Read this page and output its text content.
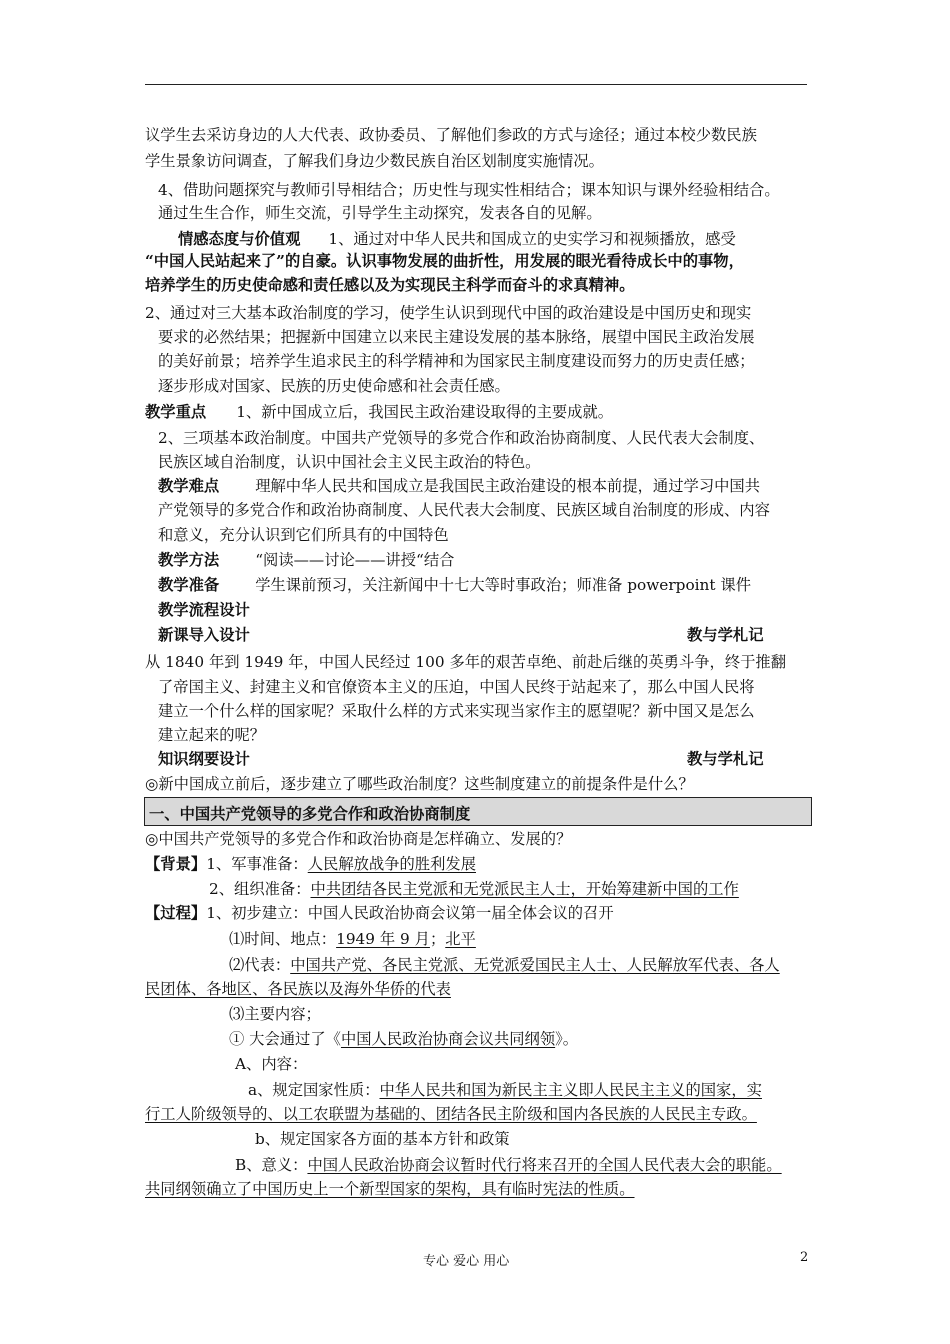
议学生去采访身边的人大代表、政协委员、了解他们参政的方式与途径；通过本校少数民族
学生景象访问调查，了解我们身边少数民族自治区划制度实施情况。
4、借助问题探究与教师引导相结合；历史性与现实性相结合；课本知识与课外经验相结合。
通过生生合作，师生交流，引导学生主动探究，发表各自的见解。
情感态度与价值观 1、通过对中华人民共和国成立的史实学习和视频播放，感受
“中国人民站起来了”的自豪。认识事物发展的曲折性，用发展的眼光看待成长中的事物，
培养学生的历史使命感和责任感以及为实现民主科学而奋斗的求真精神。
2、通过对三大基本政治制度的学习，使学生认识到现代中国的政治建设是中国历史和现实
要求的必然结果；把握新中国建立以来民主建设发展的基本脉络，展望中国民主政治发展
的美好前景；培养学生追求民主的科学精神和为国家民主制度建设而努力的历史责任感；
逐步形成对国家、民族的历史使命感和社会责任感。
教学重点 1、新中国成立后，我国民主政治建设取得的主要成就。
2、三项基本政治制度。中国共产党领导的多党合作和政治协商制度、人民代表大会制度、
民族区域自治制度，认识中国社会主义民主政治的特色。
教学难点 理解中华人民共和国成立是我国民主政治建设的根本前提，通过学习中国共
产党领导的多党合作和政治协商制度、人民代表大会制度、民族区域自治制度的形成、内容
和意义，充分认识到它们所具有的中国特色
教学方法 “阅读——讨论——讲授“结合
教学准备 学生课前预习，关注新闻中十七大等时事政治；师准备 powerpoint 课件
教学流程设计
新课导入设计	教与学札记
从 1840 年到 1949 年，中国人民经过 100 多年的艰苦卓绝、前赴后继的英勇斗争，终于推翻
了帝国主义、封建主义和官僚资本主义的压迫，中国人民终于站起来了，那么中国人民将
建立一个什么样的国家呢？采取什么样的方式来实现当家作主的愿望呢？新中国又是怎么
建立起来的呢？
知识纲要设计	教与学札记
◎新中国成立前后，逐步建立了哪些政治制度？这些制度建立的前提条件是什么？
一、中国共产党领导的多党合作和政治协商制度
◎中国共产党领导的多党合作和政治协商是怎样确立、发展的？
【背景】1、军事准备：人民解放战争的胜利发展
2、组织准备：中共团结各民主党派和无党派民主人士，开始筹建新中国的工作
【过程】1、初步建立：中国人民政治协商会议第一届全体会议的召开
⑴时间、地点：1949 年 9 月；北平
⑵代表：中国共产党、各民主党派、无党派爱国民主人士、人民解放军代表、各人
民团体、各地区、各民族以及海外华侨的代表
⑶主要内容；
① 大会通过了《中国人民政治协商会议共同纲领》。
A、内容：
a、规定国家性质：中华人民共和国为新民主主义即人民民主主义的国家，实
行工人阶级领导的、以工农联盟为基础的、团结各民主阶级和国内各民族的人民民主专政。
b、规定国家各方面的基本方针和政策
B、意义：中国人民政治协商会议暂时代行将来召开的全国人民代表大会的职能。
共同纲领确立了中国历史上一个新型国家的架构，具有临时宪法的性质。
专心 爱心 用心	2
